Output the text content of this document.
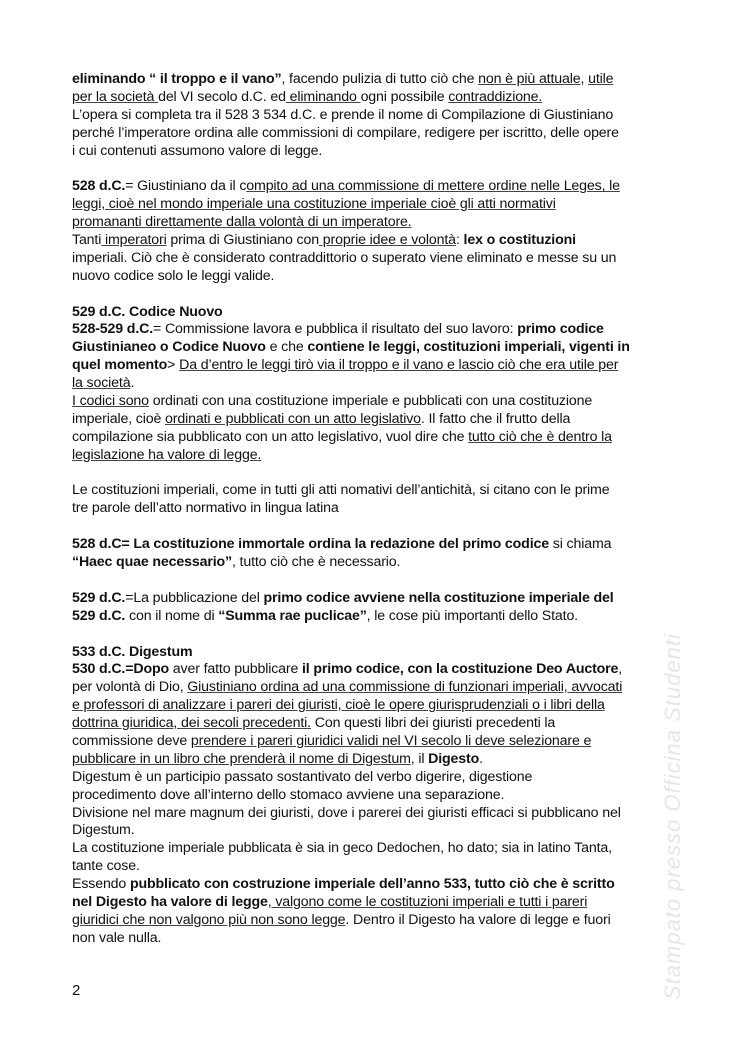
Stampato presso Officina Studenti
eliminando “ il troppo e il vano”, facendo pulizia di tutto ciò che non è più attuale, utile
per la società del VI secolo d.C. ed eliminando ogni possibile contraddizione.
L’opera si completa tra il 528 3 534 d.C. e prende il nome di Compilazione di Giustiniano
perché l’imperatore ordina alle commissioni di compilare, redigere per iscritto, delle opere
i cui contenuti assumono valore di legge.
528 d.C.= Giustiniano da il compito ad una commissione di mettere ordine nelle Leges, le
leggi, cioè nel mondo imperiale una costituzione imperiale cioè gli atti normativi
promananti direttamente dalla volontà di un imperatore.
Tanti imperatori prima di Giustiniano con proprie idee e volontà: lex o costituzioni
imperiali. Ciò che è considerato contraddittorio o superato viene eliminato e messe su un
nuovo codice solo le leggi valide.
529 d.C. Codice Nuovo
528-529 d.C.= Commissione lavora e pubblica il risultato del suo lavoro: primo codice
Giustinianeo o Codice Nuovo e che contiene le leggi, costituzioni imperiali, vigenti in
quel momento> Da d’entro le leggi tirò via il troppo e il vano e lascio ciò che era utile per
la società.
I codici sono ordinati con una costituzione imperiale e pubblicati con una costituzione
imperiale, cioè ordinati e pubblicati con un atto legislativo. Il fatto che il frutto della
compilazione sia pubblicato con un atto legislativo, vuol dire che tutto ciò che è dentro la
legislazione ha valore di legge.
Le costituzioni imperiali, come in tutti gli atti nomativi dell’antichità, si citano con le prime
tre parole dell’atto normativo in lingua latina
528 d.C= La costituzione immortale ordina la redazione del primo codice si chiama
“Haec quae necessario”, tutto ciò che è necessario.
529 d.C.=La pubblicazione del primo codice avviene nella costituzione imperiale del
529 d.C. con il nome di “Summa rae puclicae”, le cose più importanti dello Stato.
533 d.C. Digestum
530 d.C.=Dopo aver fatto pubblicare il primo codice, con la costituzione Deo Auctore,
per volontà di Dio, Giustiniano ordina ad una commissione di funzionari imperiali, avvocati
e professori di analizzare i pareri dei giuristi, cioè le opere giurisprudenziali o i libri della
dottrina giuridica, dei secoli precedenti. Con questi libri dei giuristi precedenti la
commissione deve prendere i pareri giuridici validi nel VI secolo li deve selezionare e
pubblicare in un libro che prenderà il nome di Digestum, il Digesto.
Digestum è un participio passato sostantivato del verbo digerire, digestione
procedimento dove all’interno dello stomaco avviene una separazione.
Divisione nel mare magnum dei giuristi, dove i parerei dei giuristi efficaci si pubblicano nel
Digestum.
La costituzione imperiale pubblicata è sia in geco Dedochen, ho dato; sia in latino Tanta,
tante cose.
Essendo pubblicato con costruzione imperiale dell’anno 533, tutto ciò che è scritto
nel Digesto ha valore di legge, valgono come le costituzioni imperiali e tutti i pareri
giuridici che non valgono più non sono legge. Dentro il Digesto ha valore di legge e fuori
non vale nulla.
2
